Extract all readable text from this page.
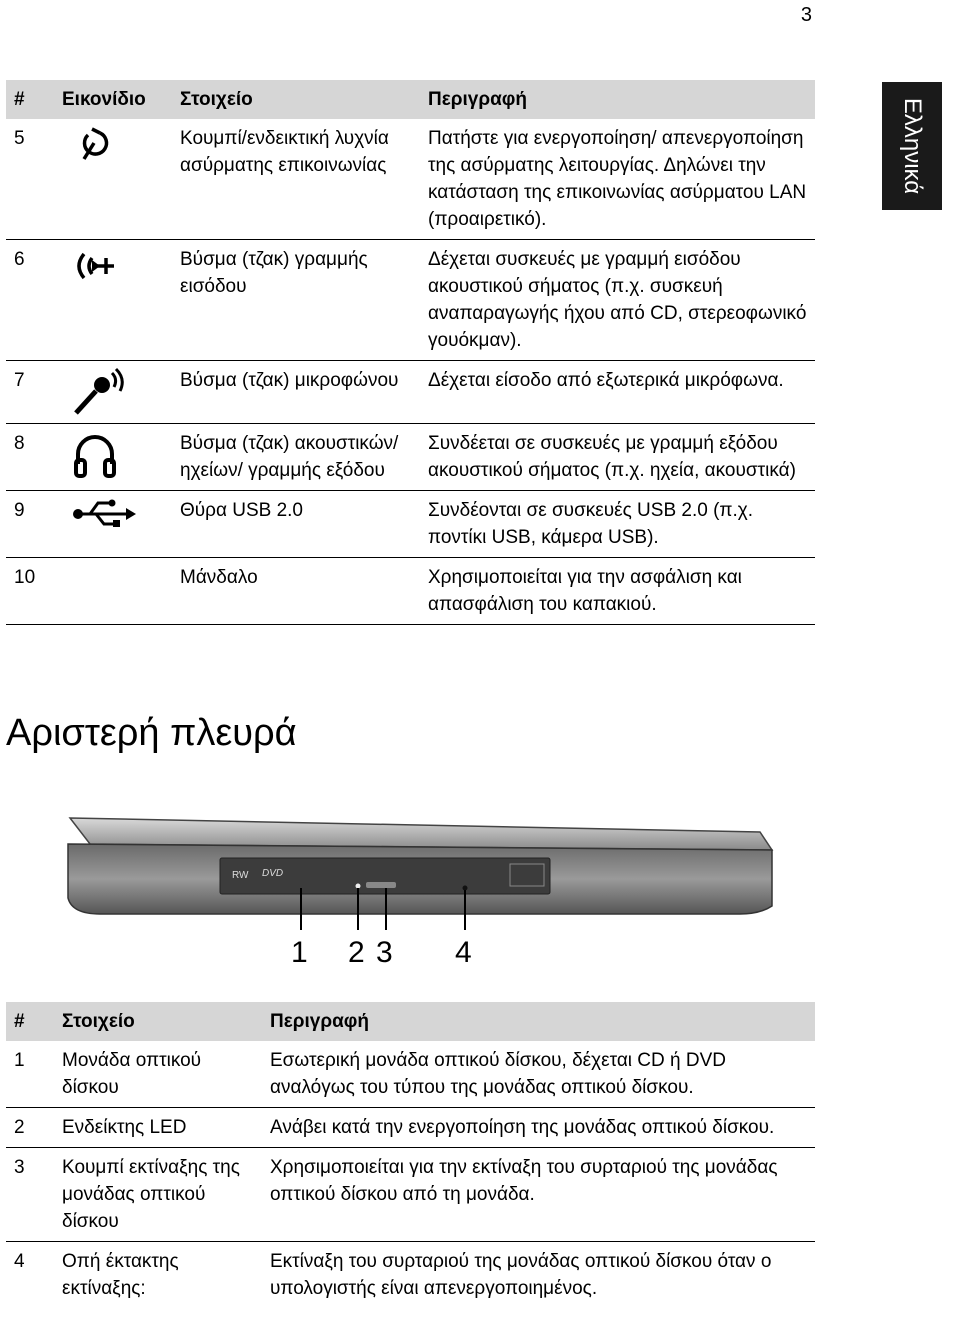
3
Ελληνικά
#	Εικονίδιο	Στοιχείο	Περιγραφή
5		Κουμπί/ενδεικτική λυχνία ασύρματης επικοινωνίας	Πατήστε για ενεργοποίηση/ απενεργοποίηση της ασύρματης λειτουργίας. Δηλώνει την κατάσταση της επικοινωνίας ασύρματου LAN (προαιρετικό).
6		Βύσμα (τζακ) γραμμής εισόδου	Δέχεται συσκευές με γραμμή εισόδου ακουστικού σήματος (π.χ. συσκευή αναπαραγωγής ήχου από CD, στερεοφωνικό γουόκμαν).
7		Βύσμα (τζακ) μικροφώνου	Δέχεται είσοδο από εξωτερικά μικρόφωνα.
8		Βύσμα (τζακ) ακουστικών/ηχείων/ γραμμής εξόδου	Συνδέεται σε συσκευές με γραμμή εξόδου ακουστικού σήματος (π.χ. ηχεία, ακουστικά)
9		Θύρα USB 2.0	Συνδέονται σε συσκευές USB 2.0 (π.χ. ποντίκι USB, κάμερα USB).
10		Μάνδαλο	Χρησιμοποιείται για την ασφάλιση και απασφάλιση του καπακιού.
Αριστερή πλευρά
RW DVD
1 2 3 4
#	Στοιχείο	Περιγραφή
1	Μονάδα οπτικού δίσκου	Εσωτερική μονάδα οπτικού δίσκου, δέχεται CD ή DVD αναλόγως του τύπου της μονάδας οπτικού δίσκου.
2	Ενδείκτης LED	Ανάβει κατά την ενεργοποίηση της μονάδας οπτικού δίσκου.
3	Κουμπί εκτίναξης της μονάδας οπτικού δίσκου	Χρησιμοποιείται για την εκτίναξη του συρταριού της μονάδας οπτικού δίσκου από τη μονάδα.
4	Οπή έκτακτης εκτίναξης:	Εκτίναξη του συρταριού της μονάδας οπτικού δίσκου όταν ο υπολογιστής είναι απενεργοποιημένος.
